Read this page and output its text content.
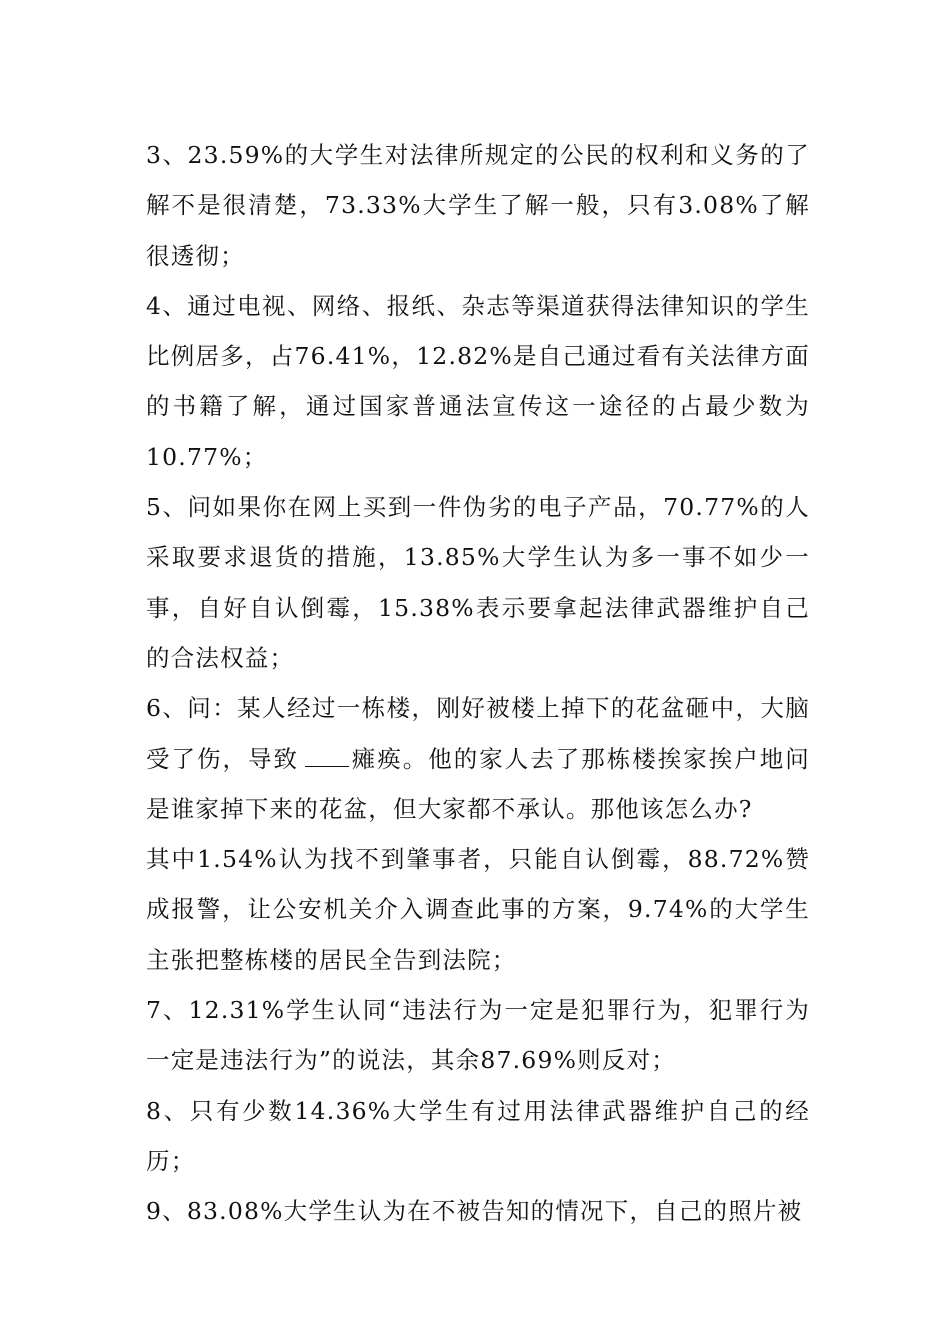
3、23.59%的大学生对法律所规定的公民的权利和义务的了解不是很清楚，73.33%大学生了解一般，只有3.08%了解很透彻；

4、通过电视、网络、报纸、杂志等渠道获得法律知识的学生比例居多，占76.41%，12.82%是自己通过看有关法律方面的书籍了解，通过国家普通法宣传这一途径的占最少数为10.77%；

5、问如果你在网上买到一件伪劣的电子产品，70.77%的人采取要求退货的措施，13.85%大学生认为多一事不如少一事，自好自认倒霉，15.38%表示要拿起法律武器维护自己的合法权益；

6、问：某人经过一栋楼，刚好被楼上掉下的花盆砸中，大脑受了伤，导致 瘫痪。他的家人去了那栋楼挨家挨户地问是谁家掉下来的花盆，但大家都不承认。那他该怎么办?

其中1.54%认为找不到肇事者，只能自认倒霉，88.72%赞成报警，让公安机关介入调查此事的方案，9.74%的大学生主张把整栋楼的居民全告到法院；

7、12.31%学生认同“违法行为一定是犯罪行为，犯罪行为一定是违法行为”的说法，其余87.69%则反对；

8、只有少数14.36%大学生有过用法律武器维护自己的经历；

9、83.08%大学生认为在不被告知的情况下，自己的照片被
